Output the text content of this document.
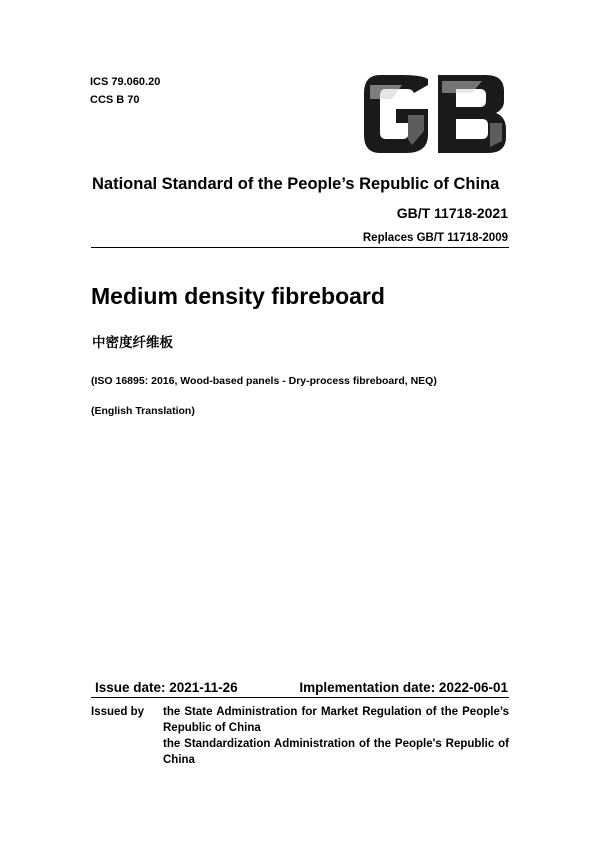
ICS 79.060.20
CCS B 70
National Standard of the People’s Republic of China
GB/T 11718-2021
Replaces GB/T 11718-2009
Medium density fibreboard
中密度纤维板
(ISO 16895: 2016, Wood-based panels - Dry-process fibreboard, NEQ)
(English Translation)
Issue date: 2021-11-26	Implementation date: 2022-06-01
Issued by the State Administration for Market Regulation of the People’s Republic of China
the Standardization Administration of the People's Republic of China
